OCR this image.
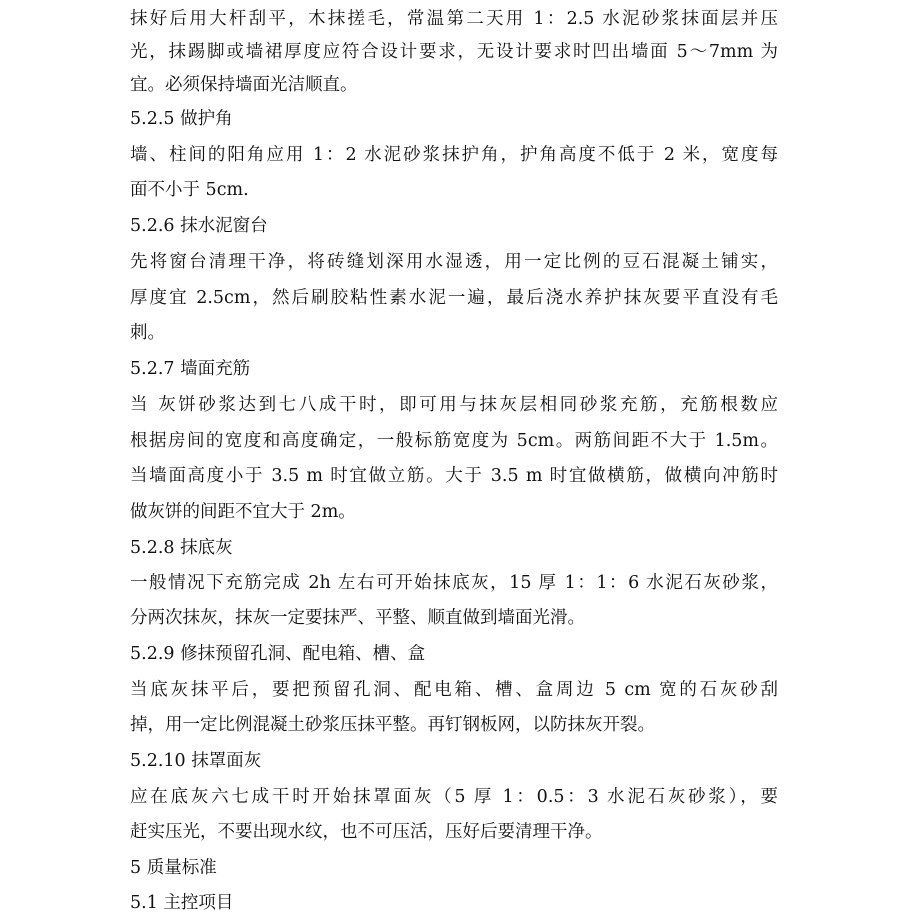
抹好后用大杆刮平，木抹搓毛，常温第二天用 1：2.5 水泥砂浆抹面层并压
光，抹踢脚或墙裙厚度应符合设计要求，无设计要求时凹出墙面 5～7mm 为
宜。必须保持墙面光洁顺直。
5.2.5 做护角
墙、柱间的阳角应用 1：2 水泥砂浆抹护角，护角高度不低于 2 米，宽度每
面不小于 5cm.
5.2.6 抹水泥窗台
先将窗台清理干净，将砖缝划深用水湿透，用一定比例的豆石混凝土铺实，
厚度宜 2.5cm，然后刷胶粘性素水泥一遍，最后浇水养护抹灰要平直没有毛
刺。
5.2.7 墙面充筋
当 灰饼砂浆达到七八成干时，即可用与抹灰层相同砂浆充筋，充筋根数应
根据房间的宽度和高度确定，一般标筋宽度为 5cm。两筋间距不大于 1.5m。
当墙面高度小于 3.5 m 时宜做立筋。大于 3.5 m 时宜做横筋，做横向冲筋时
做灰饼的间距不宜大于 2m。
5.2.8 抹底灰
一般情况下充筋完成 2h 左右可开始抹底灰，15 厚 1：1：6 水泥石灰砂浆，
分两次抹灰，抹灰一定要抹严、平整、顺直做到墙面光滑。
5.2.9 修抹预留孔洞、配电箱、槽、盒
当底灰抹平后，要把预留孔洞、配电箱、槽、盒周边 5 cm 宽的石灰砂刮
掉，用一定比例混凝土砂浆压抹平整。再钉钢板网，以防抹灰开裂。
5.2.10 抹罩面灰
应在底灰六七成干时开始抹罩面灰（5 厚 1：0.5：3 水泥石灰砂浆），要
赶实压光，不要出现水纹，也不可压活，压好后要清理干净。
5 质量标准
5.1 主控项目
